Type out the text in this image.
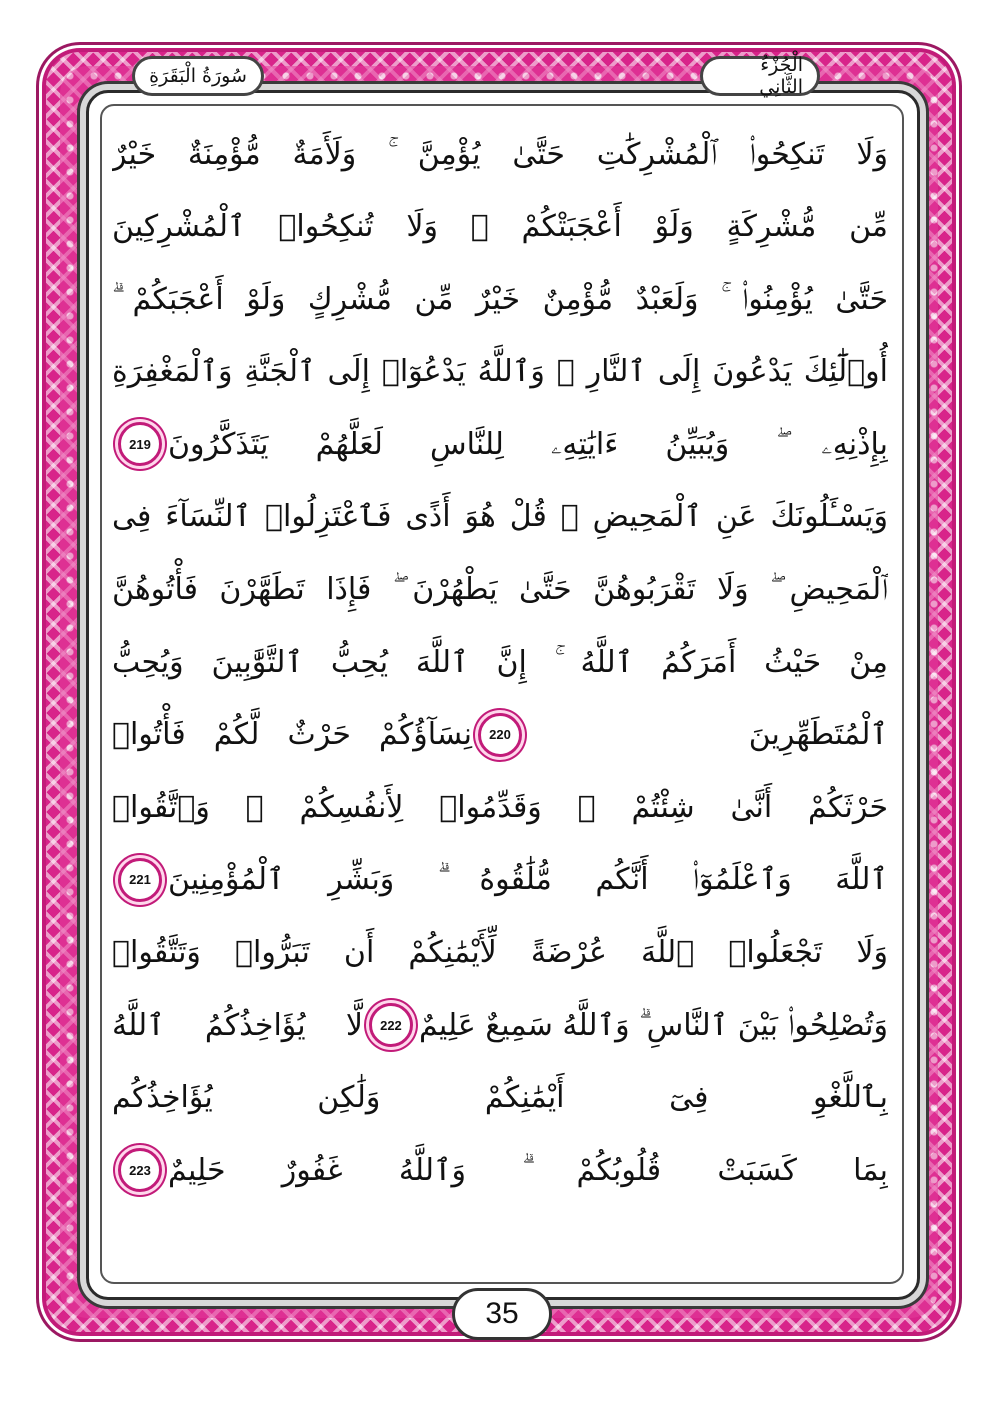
الْجُزْءُ الثَّانِي
سُورَةُ الْبَقَرَةِ
وَلَا تَنكِحُوا۟ ٱلْمُشْرِكَٰتِ حَتَّىٰ يُؤْمِنَّ ۚ وَلَأَمَةٌ مُّؤْمِنَةٌ خَيْرٌ
مِّن مُّشْرِكَةٍ وَلَوْ أَعْجَبَتْكُمْ ۗ وَلَا تُنكِحُوا۟ ٱلْمُشْرِكِينَ
حَتَّىٰ يُؤْمِنُوا۟ ۚ وَلَعَبْدٌ مُّؤْمِنٌ خَيْرٌ مِّن مُّشْرِكٍ وَلَوْ أَعْجَبَكُمْ ۗ
أُو۟لَٰٓئِكَ يَدْعُونَ إِلَى ٱلنَّارِ ۖ وَٱللَّهُ يَدْعُوٓا۟ إِلَى ٱلْجَنَّةِ وَٱلْمَغْفِرَةِ
بِإِذْنِهِۦ ۖ وَيُبَيِّنُ ءَايَٰتِهِۦ لِلنَّاسِ لَعَلَّهُمْ يَتَذَكَّرُونَ
219
وَيَسْـَٔلُونَكَ عَنِ ٱلْمَحِيضِ ۖ قُلْ هُوَ أَذًى فَٱعْتَزِلُوا۟ ٱلنِّسَآءَ فِى
ٱلْمَحِيضِ ۖ وَلَا تَقْرَبُوهُنَّ حَتَّىٰ يَطْهُرْنَ ۖ فَإِذَا تَطَهَّرْنَ فَأْتُوهُنَّ
مِنْ حَيْثُ أَمَرَكُمُ ٱللَّهُ ۚ إِنَّ ٱللَّهَ يُحِبُّ ٱلتَّوَّٰبِينَ وَيُحِبُّ
ٱلْمُتَطَهِّرِينَ
220
نِسَآؤُكُمْ حَرْثٌ لَّكُمْ فَأْتُوا۟
حَرْثَكُمْ أَنَّىٰ شِئْتُمْ ۖ وَقَدِّمُوا۟ لِأَنفُسِكُمْ ۚ وَٱتَّقُوا۟
ٱللَّهَ وَٱعْلَمُوٓا۟ أَنَّكُم مُّلَٰقُوهُ ۗ وَبَشِّرِ ٱلْمُؤْمِنِينَ
221
وَلَا تَجْعَلُوا۟ ٱللَّهَ عُرْضَةً لِّأَيْمَٰنِكُمْ أَن تَبَرُّوا۟ وَتَتَّقُوا۟
وَتُصْلِحُوا۟ بَيْنَ ٱلنَّاسِ ۗ وَٱللَّهُ سَمِيعٌ عَلِيمٌ
222
لَّا يُؤَاخِذُكُمُ ٱللَّهُ
بِٱللَّغْوِ فِىٓ أَيْمَٰنِكُمْ وَلَٰكِن يُؤَاخِذُكُم
بِمَا كَسَبَتْ قُلُوبُكُمْ ۗ وَٱللَّهُ غَفُورٌ حَلِيمٌ
223
35
